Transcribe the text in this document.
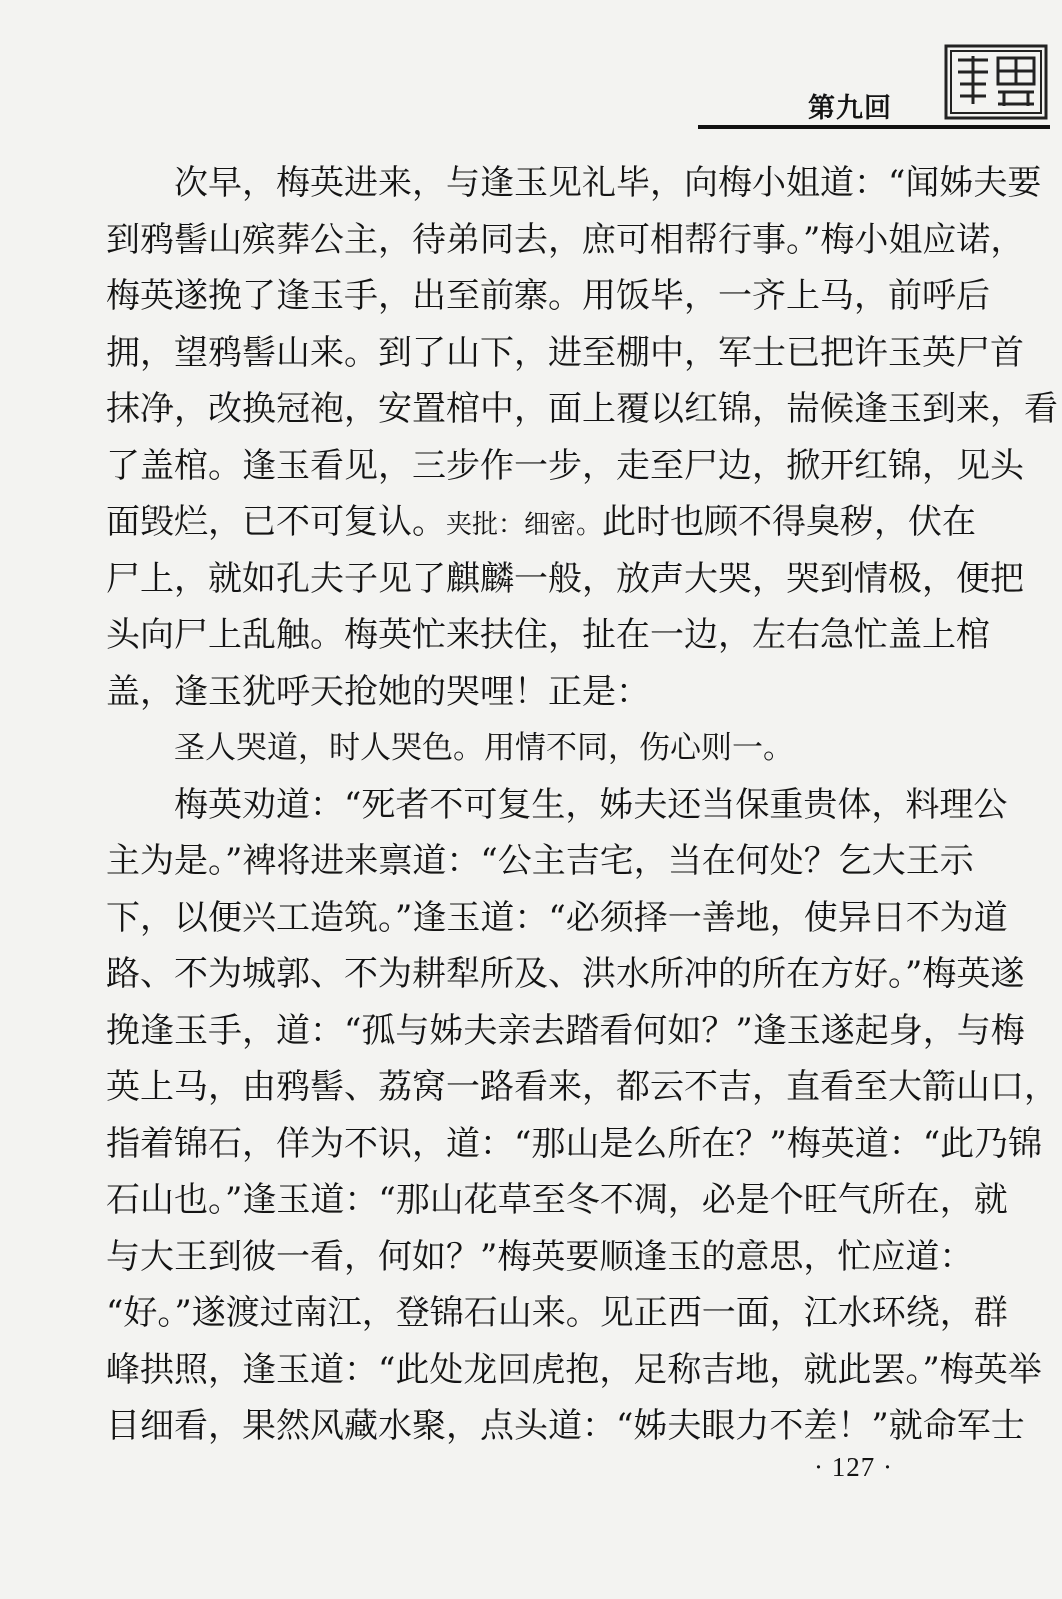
第九回
次早，梅英进来，与逢玉见礼毕，向梅小姐道：“闻姊夫要
到鸦髻山殡葬公主，待弟同去，庶可相帮行事。”梅小姐应诺，
梅英遂挽了逢玉手，出至前寨。用饭毕，一齐上马，前呼后
拥，望鸦髻山来。到了山下，进至棚中，军士已把许玉英尸首
抹净，改换冠袍，安置棺中，面上覆以红锦，耑候逢玉到来，看
了盖棺。逢玉看见，三步作一步，走至尸边，掀开红锦，见头
面毁烂，已不可复认。夹批：细密。此时也顾不得臭秽，伏在
尸上，就如孔夫子见了麒麟一般，放声大哭，哭到情极，便把
头向尸上乱触。梅英忙来扶住，扯在一边，左右急忙盖上棺
盖，逢玉犹呼天抢她的哭哩！正是：
圣人哭道，时人哭色。用情不同，伤心则一。
梅英劝道：“死者不可复生，姊夫还当保重贵体，料理公
主为是。”裨将进来禀道：“公主吉宅，当在何处？乞大王示
下，以便兴工造筑。”逢玉道：“必须择一善地，使异日不为道
路、不为城郭、不为耕犁所及、洪水所冲的所在方好。”梅英遂
挽逢玉手，道：“孤与姊夫亲去踏看何如？”逢玉遂起身，与梅
英上马，由鸦髻、荔窝一路看来，都云不吉，直看至大箭山口，
指着锦石，佯为不识，道：“那山是么所在？”梅英道：“此乃锦
石山也。”逢玉道：“那山花草至冬不凋，必是个旺气所在，就
与大王到彼一看，何如？”梅英要顺逢玉的意思，忙应道：
“好。”遂渡过南江，登锦石山来。见正西一面，江水环绕，群
峰拱照，逢玉道：“此处龙回虎抱，足称吉地，就此罢。”梅英举
目细看，果然风藏水聚，点头道：“姊夫眼力不差！”就命军士
· 127 ·
